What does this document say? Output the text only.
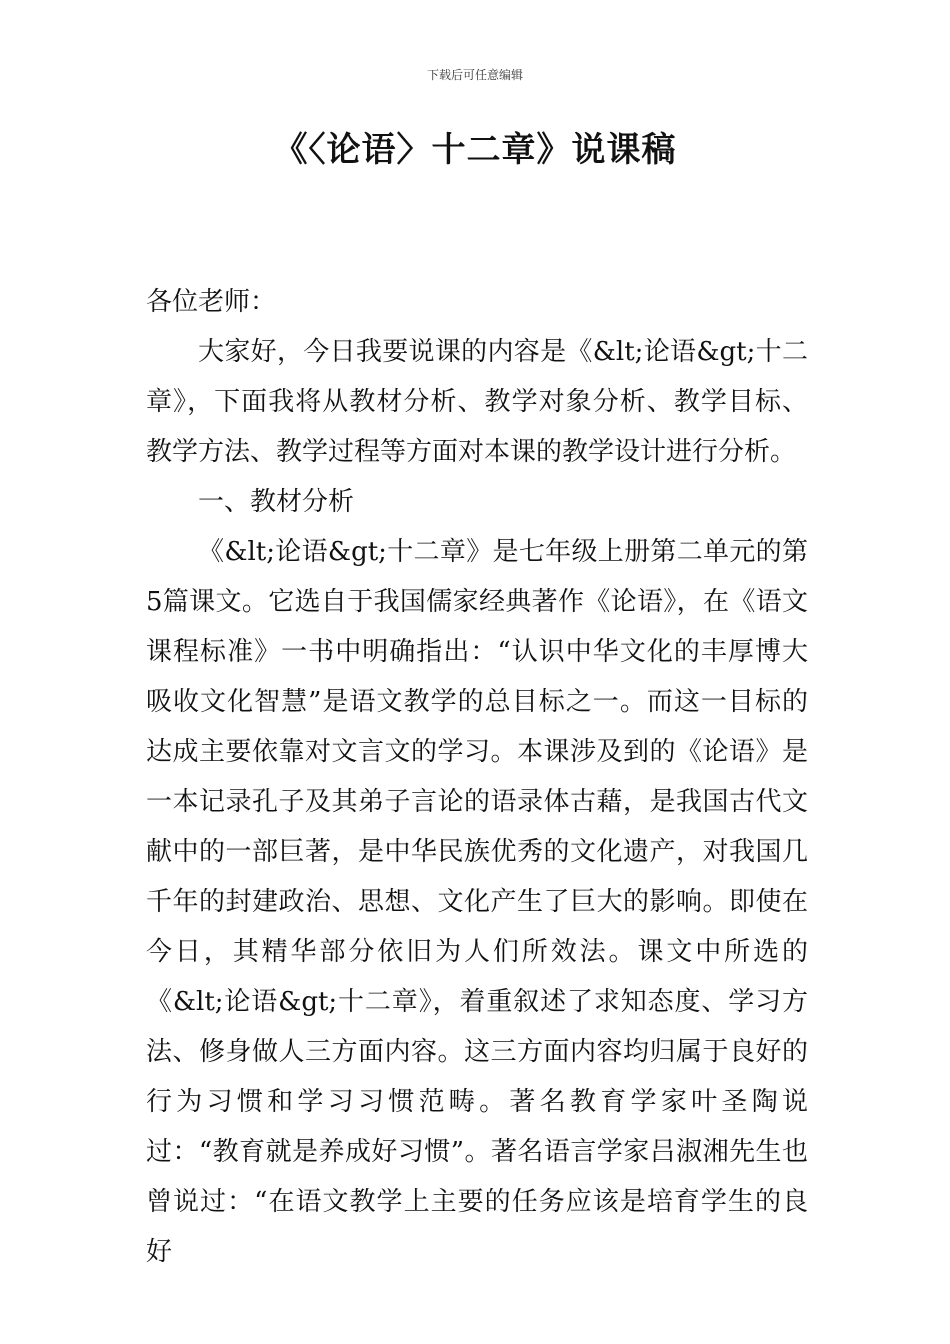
下载后可任意编辑
《〈论语〉十二章》说课稿

各位老师：

大家好，今日我要说课的内容是《&lt;论语&gt;十二章》，下面我将从教材分析、教学对象分析、教学目标、教学方法、教学过程等方面对本课的教学设计进行分析。

一、教材分析

《&lt;论语&gt;十二章》是七年级上册第二单元的第5篇课文。它选自于我国儒家经典著作《论语》，在《语文课程标准》一书中明确指出：“认识中华文化的丰厚博大吸收文化智慧”是语文教学的总目标之一。而这一目标的达成主要依靠对文言文的学习。本课涉及到的《论语》是一本记录孔子及其弟子言论的语录体古藉，是我国古代文献中的一部巨著，是中华民族优秀的文化遗产，对我国几千年的封建政治、思想、文化产生了巨大的影响。即使在今日，其精华部分依旧为人们所效法。课文中所选的《&lt;论语&gt;十二章》，着重叙述了求知态度、学习方法、修身做人三方面内容。这三方面内容均归属于良好的行为习惯和学习习惯范畴。著名教育学家叶圣陶说过：“教育就是养成好习惯”。著名语言学家吕淑湘先生也曾说过：“在语文教学上主要的任务应该是培育学生的良好
